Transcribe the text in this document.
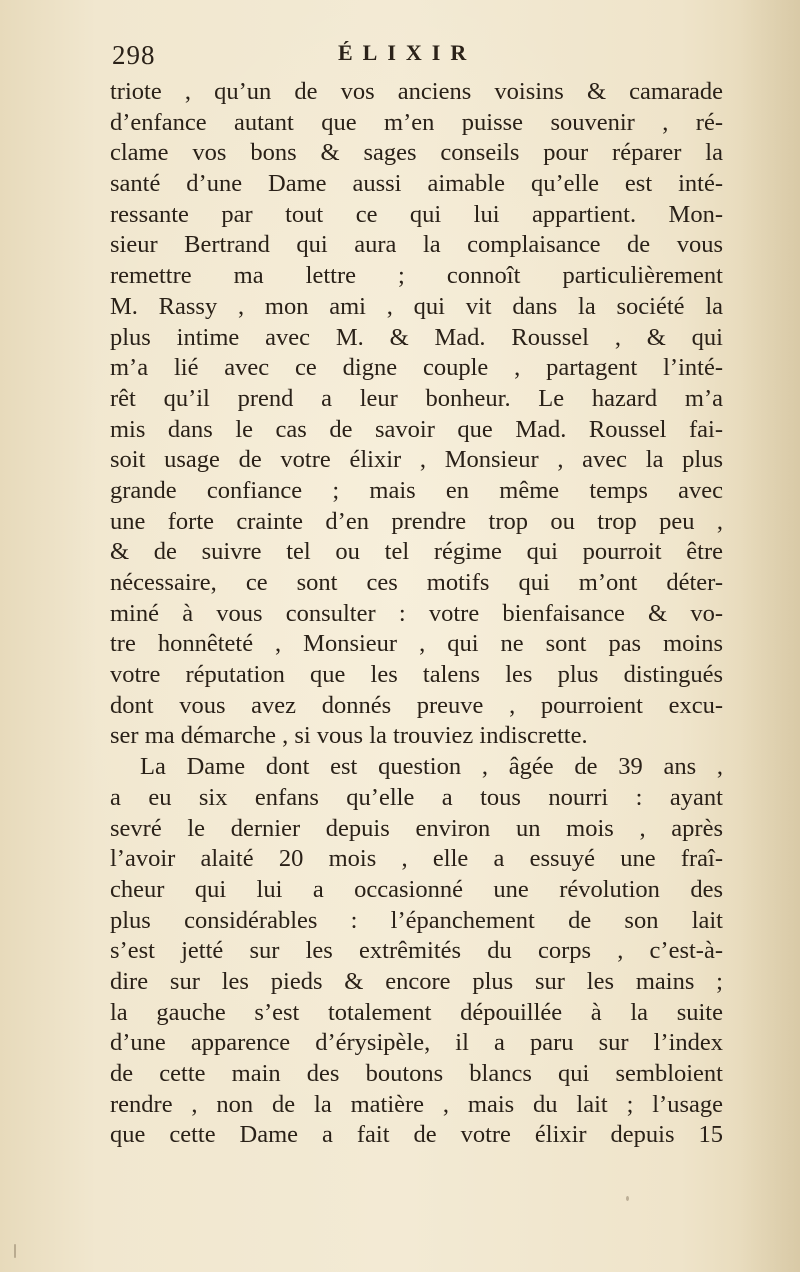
298	ÉLIXIR
triote , qu’un de vos anciens voisins & camarade
d’enfance autant que m’en puisse souvenir , ré-
clame vos bons & sages conseils pour réparer la
santé d’une Dame aussi aimable qu’elle est inté-
ressante par tout ce qui lui appartient. Mon-
sieur Bertrand qui aura la complaisance de vous
remettre ma lettre ; connoît particulièrement
M. Rassy , mon ami , qui vit dans la société la
plus intime avec M. & Mad. Roussel , & qui
m’a lié avec ce digne couple , partagent l’inté-
rêt qu’il prend a leur bonheur. Le hazard m’a
mis dans le cas de savoir que Mad. Roussel fai-
soit usage de votre élixir , Monsieur , avec la plus
grande confiance ; mais en même temps avec
une forte crainte d’en prendre trop ou trop peu ,
& de suivre tel ou tel régime qui pourroit être
nécessaire, ce sont ces motifs qui m’ont déter-
miné à vous consulter : votre bienfaisance & vo-
tre honnêteté , Monsieur , qui ne sont pas moins
votre réputation que les talens les plus distingués
dont vous avez donnés preuve , pourroient excu-
ser ma démarche , si vous la trouviez indiscrette.
La Dame dont est question , âgée de 39 ans ,
a eu six enfans qu’elle a tous nourri : ayant
sevré le dernier depuis environ un mois , après
l’avoir alaité 20 mois , elle a essuyé une fraî-
cheur qui lui a occasionné une révolution des
plus considérables : l’épanchement de son lait
s’est jetté sur les extrêmités du corps , c’est-à-
dire sur les pieds & encore plus sur les mains ;
la gauche s’est totalement dépouillée à la suite
d’une apparence d’érysipèle, il a paru sur l’index
de cette main des boutons blancs qui sembloient
rendre , non de la matière , mais du lait ; l’usage
que cette Dame a fait de votre élixir depuis 15
